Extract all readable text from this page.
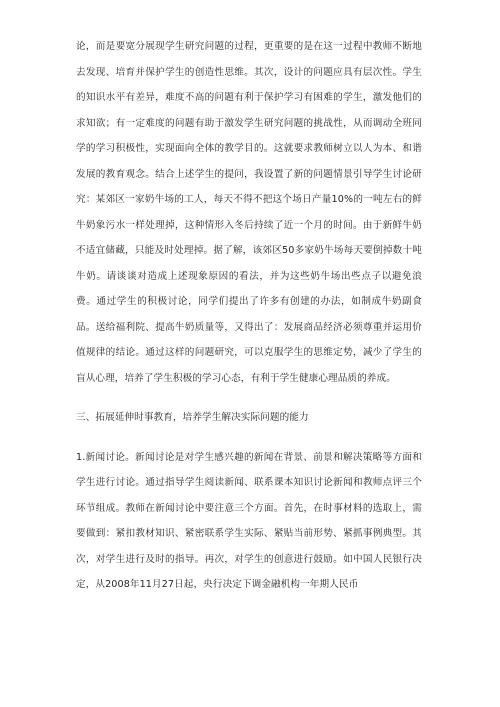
论，而是要宽分展现学生研究问题的过程，更重要的是在这一过程中教师不断地去发现、培育并保护学生的创造性思维。其次，设计的问题应具有层次性。学生的知识水平有差异，难度不高的问题有利于保护学习有困难的学生，激发他们的求知欲；有一定难度的问题有助于激发学生研究问题的挑战性，从而调动全班同学的学习积极性，实现面向全体的教学目的。这就要求教师树立以人为本、和谐发展的教育观念。结合上述学生的提问，我设置了新的问题情景引导学生讨论研究：某郊区一家奶牛场的工人，每天不得不把这个场日产量10%的一吨左右的鲜牛奶象污水一样处理掉，这种情形入冬后持续了近一个月的时间。由于新鲜牛奶不适宜储藏，只能及时处理掉。据了解，该郊区50多家奶牛场每天要倒掉数十吨牛奶。请谈谈对造成上述现象原因的看法，并为这些奶牛场出些点子以避免浪费。通过学生的积极讨论，同学们提出了许多有创建的办法，如制成牛奶副食品。送给福利院、提高牛奶质量等，又得出了：发展商品经济必须尊重并运用价值规律的结论。通过这样的问题研究，可以克服学生的思维定势，减少了学生的盲从心理，培养了学生积极的学习心态，有利于学生健康心理品质的养成。

三、拓展延伸时事教育，培养学生解决实际问题的能力

1.新闻讨论。新闻讨论是对学生感兴趣的新闻在背景、前景和解决策略等方面和学生进行讨论。通过指导学生阅读新闻、联系课本知识讨论新闻和教师点评三个环节组成。教师在新闻讨论中要注意三个方面。首先，在时事材料的选取上，需要做到：紧扣教材知识、紧密联系学生实际、紧贴当前形势、紧抓事例典型。其次，对学生进行及时的指导。再次，对学生的创意进行鼓励。如中国人民银行决定，从2008年11月27日起，央行决定下调金融机构一年期人民币
